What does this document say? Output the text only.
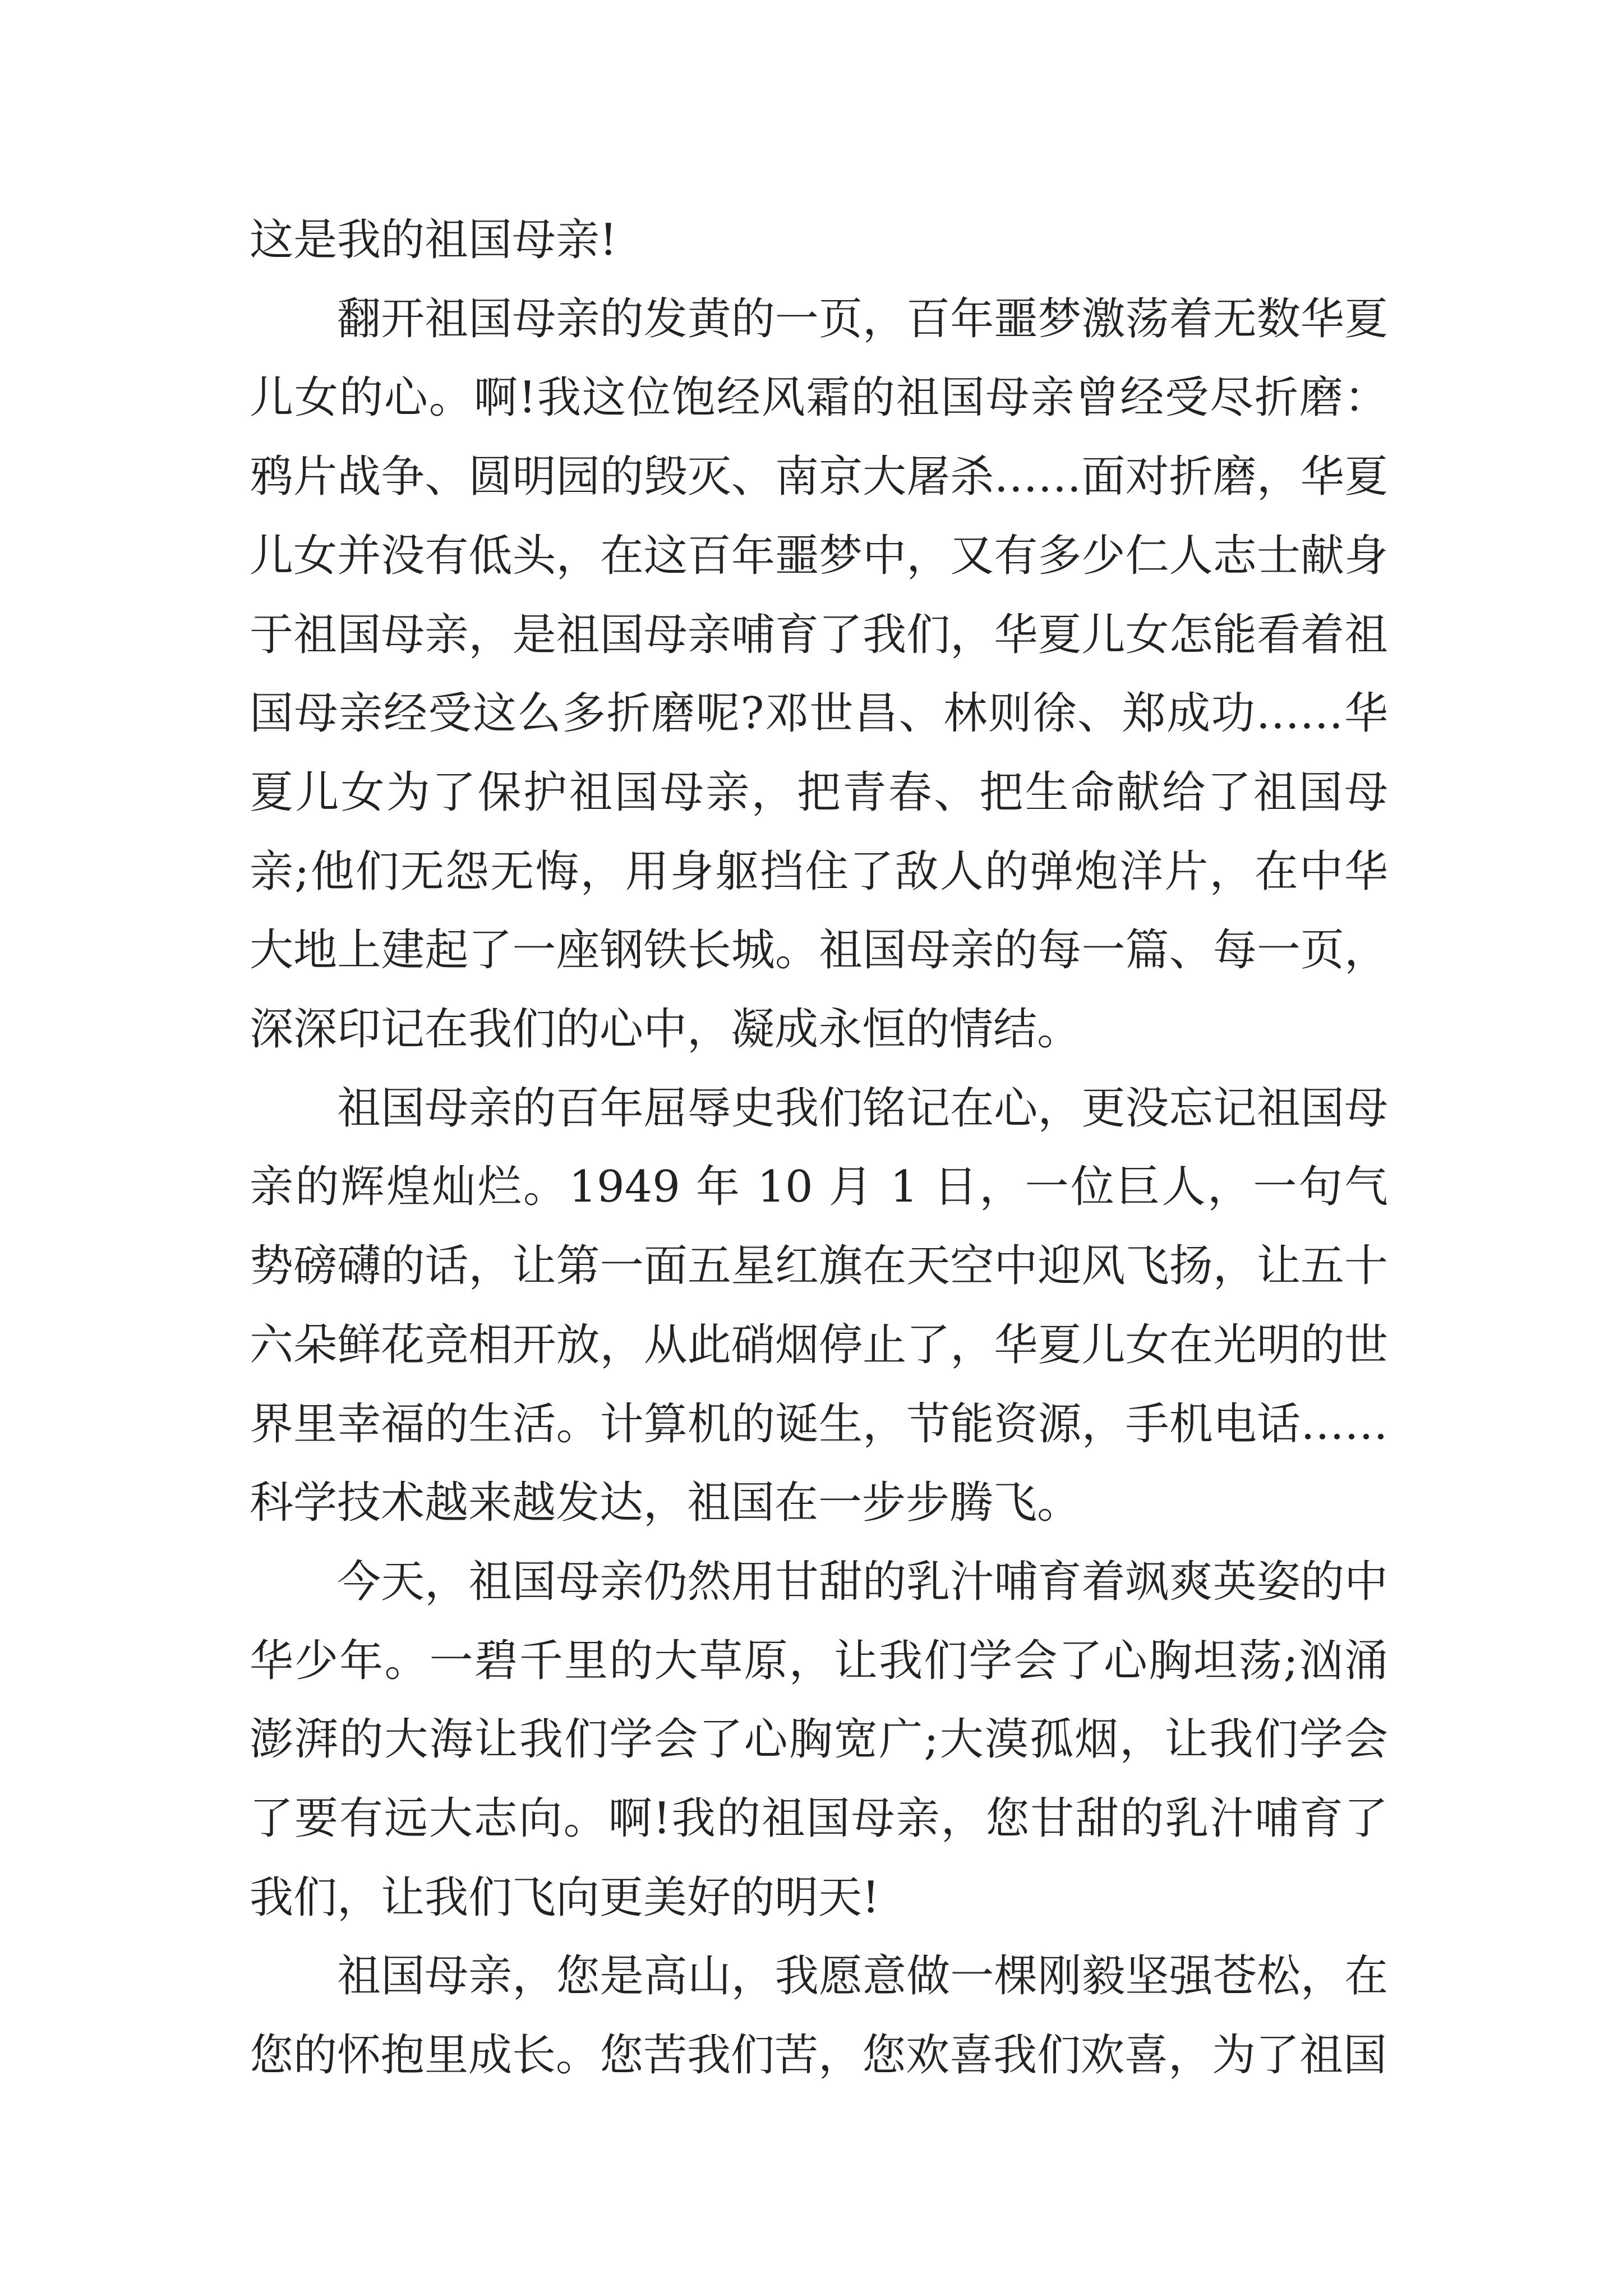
这是我的祖国母亲!

翻开祖国母亲的发黄的一页，百年噩梦激荡着无数华夏儿女的心。啊!我这位饱经风霜的祖国母亲曾经受尽折磨：鸦片战争、圆明园的毁灭、南京大屠杀……面对折磨，华夏儿女并没有低头，在这百年噩梦中，又有多少仁人志士献身于祖国母亲，是祖国母亲哺育了我们，华夏儿女怎能看着祖国母亲经受这么多折磨呢?邓世昌、林则徐、郑成功……华夏儿女为了保护祖国母亲，把青春、把生命献给了祖国母亲;他们无怨无悔，用身躯挡住了敌人的弹炮洋片，在中华大地上建起了一座钢铁长城。祖国母亲的每一篇、每一页，深深印记在我们的心中，凝成永恒的情结。

祖国母亲的百年屈辱史我们铭记在心，更没忘记祖国母亲的辉煌灿烂。1949 年 10 月 1 日，一位巨人，一句气势磅礴的话，让第一面五星红旗在天空中迎风飞扬，让五十六朵鲜花竞相开放，从此硝烟停止了，华夏儿女在光明的世界里幸福的生活。计算机的诞生，节能资源，手机电话……科学技术越来越发达，祖国在一步步腾飞。

今天，祖国母亲仍然用甘甜的乳汁哺育着飒爽英姿的中华少年。一碧千里的大草原，让我们学会了心胸坦荡;汹涌澎湃的大海让我们学会了心胸宽广;大漠孤烟，让我们学会了要有远大志向。啊!我的祖国母亲，您甘甜的乳汁哺育了我们，让我们飞向更美好的明天!

祖国母亲，您是高山，我愿意做一棵刚毅坚强苍松，在您的怀抱里成长。您苦我们苦，您欢喜我们欢喜，为了祖国
